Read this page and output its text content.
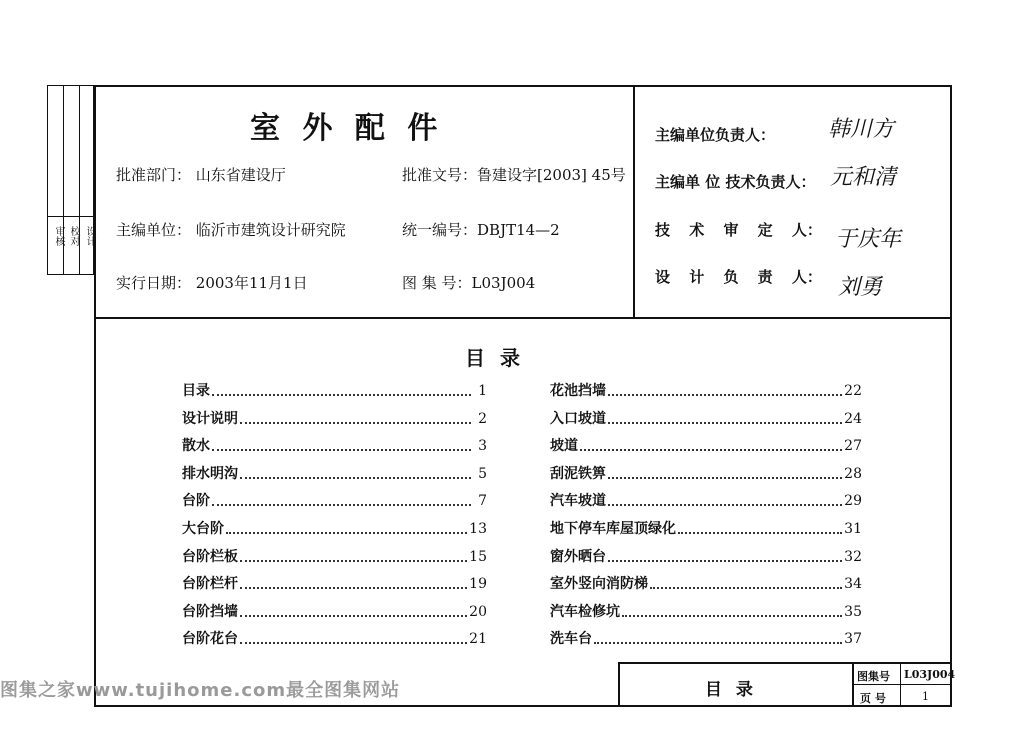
审核
校对
设计
室 外 配 件
批准部门： 山东省建设厅	批准文号：鲁建设字[2003] 45号
主编单位： 临沂市建筑设计研究院	统一编号：DBJT14—2
实行日期： 2003年11月1日	图 集 号：L03J004
主编单位负责人： 韩川方
主编单 位 技术负责人： 元和清
技 术 审 定 人： 于庆年
设 计 负 责 人： 刘勇
目 录
目录	1
设计说明	2
散水	3
排水明沟	5
台阶	7
大台阶	13
台阶栏板	15
台阶栏杆	19
台阶挡墙	20
台阶花台	21
花池挡墙	22
入口坡道	24
坡道	27
刮泥铁箅	28
汽车坡道	29
地下停车库屋顶绿化	31
窗外晒台	32
室外竖向消防梯	34
汽车检修坑	35
洗车台	37
目 录
图集号 L03J004
页 号	1
图集之家www.tujihome.com最全图集网站
